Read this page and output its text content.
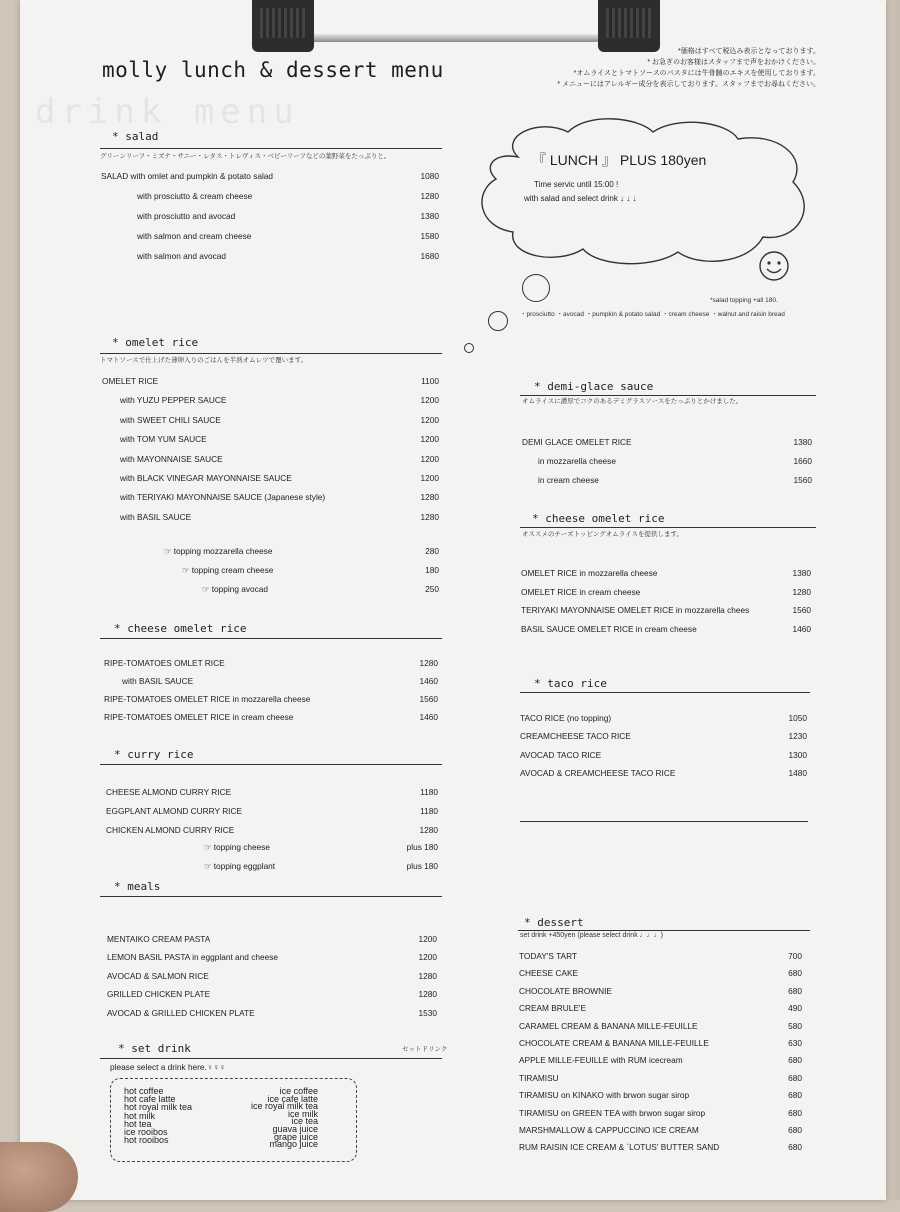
drink menu
molly lunch & dessert menu
*価格はすべて税込み表示となっております。
* お急ぎのお客様はスタッフまで声をおかけください。
*オムライスとトマトソースのパスタには牛骨髄のエキスを使用しております。
* メニューにはアレルギー成分を表示しております。スタッフまでお尋ねください。
* salad
グリーンリーフ・ミズナ・サニー・レタス・トレヴィス・ベビーリーフなどの葉野菜をたっぷりと。
SALAD with omlet and pumpkin & potato salad	1080
with prosciutto & cream cheese	1280
with prosciutto and avocad	1380
with salmon and cream cheese	1580
with salmon and avocad	1680
* omelet rice
トマトソースで仕上げた薄卵入りのごはんを半熟オムレツで覆います。
OMELET RICE	1100
with YUZU PEPPER SAUCE	1200
with SWEET CHILI SAUCE	1200
with TOM YUM SAUCE	1200
with MAYONNAISE SAUCE	1200
with BLACK VINEGAR MAYONNAISE SAUCE	1200
with TERIYAKI MAYONNAISE SAUCE (Japanese style)	1280
with BASIL SAUCE	1280
☞ topping mozzarella cheese	280
☞ topping cream cheese	180
☞ topping avocad	250
* cheese omelet rice
RIPE-TOMATOES OMLET RICE	1280
with BASIL SAUCE	1460
RIPE-TOMATOES OMELET RICE in mozzarella cheese	1560
RIPE-TOMATOES OMELET RICE in cream cheese	1460
* curry rice
CHEESE ALMOND CURRY RICE	1180
EGGPLANT ALMOND CURRY RICE	1180
CHICKEN ALMOND CURRY RICE	1280
☞ topping cheese	plus 180
☞ topping eggplant	plus 180
* meals
MENTAIKO CREAM PASTA	1200
LEMON BASIL PASTA in eggplant and cheese	1200
AVOCAD & SALMON RICE	1280
GRILLED CHICKEN PLATE	1280
AVOCAD & GRILLED CHICKEN PLATE	1530
* set drink	セットドリンク
please select a drink here.♀♀♀
hot coffee
hot cafe latte
hot royal milk tea
hot milk
hot tea
ice rooibos
hot rooibos
ice coffee
ice cafe latte
ice royal milk tea
ice milk
ice tea
guava juice
grape juice
mango juice
『 LUNCH 』 PLUS 180yen
Time servic until 15:00 !
with salad and select drink ↓ ↓ ↓
*salad topping +all 180.
・prosciutto ・avocad ・pumpkin & potato salad ・cream cheese ・walnut and raisin bread
* demi-glace sauce
オムライスに濃厚でコクのあるデミグラスソースをたっぷりとかけました。
DEMI GLACE OMELET RICE	1380
in mozzarella cheese	1660
in cream cheese	1560
* cheese omelet rice
オススメのチーズトッピングオムライスを提供します。
OMELET RICE in mozzarella cheese	1380
OMELET RICE in cream cheese	1280
TERIYAKI MAYONNAISE OMELET RICE in mozzarella chees	1560
BASIL SAUCE OMELET RICE in cream cheese	1460
* taco rice
TACO RICE (no topping)	1050
CREAMCHEESE TACO RICE	1230
AVOCAD TACO RICE	1300
AVOCAD & CREAMCHEESE TACO RICE	1480
* dessert
set drink +450yen (please select drink ♩♩♩)
TODAY'S TART	700
CHEESE CAKE	680
CHOCOLATE BROWNIE	680
CREAM BRULE'E	490
CARAMEL CREAM & BANANA MILLE-FEUILLE	580
CHOCOLATE CREAM & BANANA MILLE-FEUILLE	630
APPLE MILLE-FEUILLE with RUM icecream	680
TIRAMISU	680
TIRAMISU on KINAKO with brwon sugar sirop	680
TIRAMISU on GREEN TEA with brwon sugar sirop	680
MARSHMALLOW & CAPPUCCINO ICE CREAM	680
RUM RAISIN ICE CREAM & `LOTUS' BUTTER SAND	680
